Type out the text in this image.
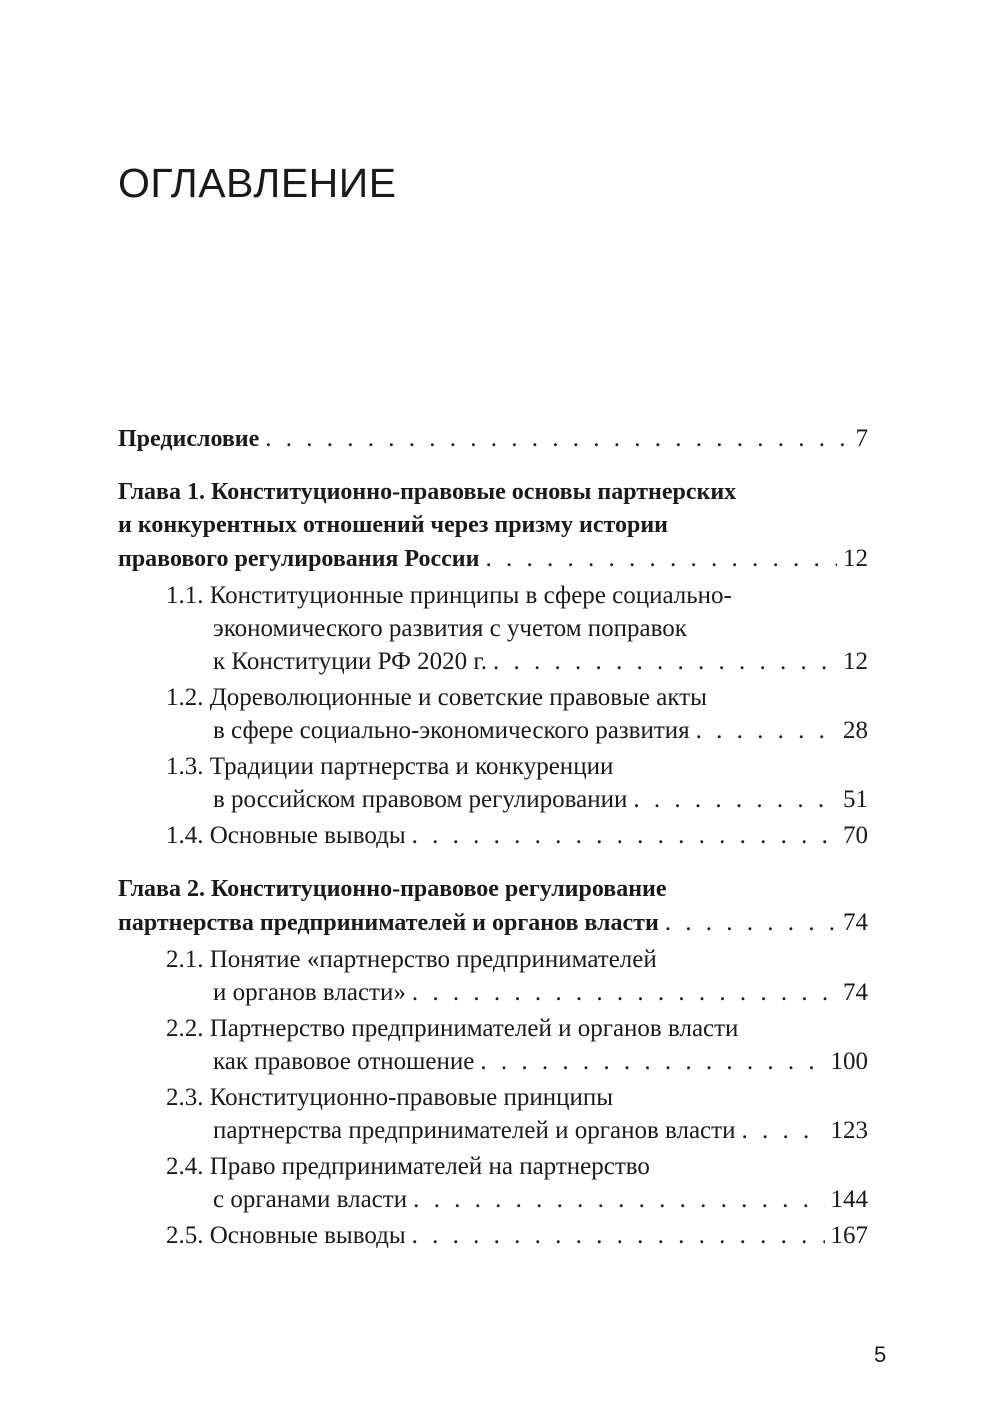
ОГЛАВЛЕНИЕ
Предисловие . . .	7
Глава 1. Конституционно-правовые основы партнерских
и конкурентных отношений через призму истории
правового регулирования России . . .	12
1.1. Конституционные принципы в сфере социально-
экономического развития с учетом поправок
к Конституции РФ 2020 г. . . .	12
1.2. Дореволюционные и советские правовые акты
в сфере социально-экономического развития . . .	28
1.3. Традиции партнерства и конкуренции
в российском правовом регулировании . . .	51
1.4. Основные выводы . . .	70
Глава 2. Конституционно-правовое регулирование
партнерства предпринимателей и органов власти . . .	74
2.1. Понятие «партнерство предпринимателей
и органов власти» . . .	74
2.2. Партнерство предпринимателей и органов власти
как правовое отношение . . .	100
2.3. Конституционно-правовые принципы
партнерства предпринимателей и органов власти . . .	123
2.4. Право предпринимателей на партнерство
с органами власти . . .	144
2.5. Основные выводы . . .	167
5
